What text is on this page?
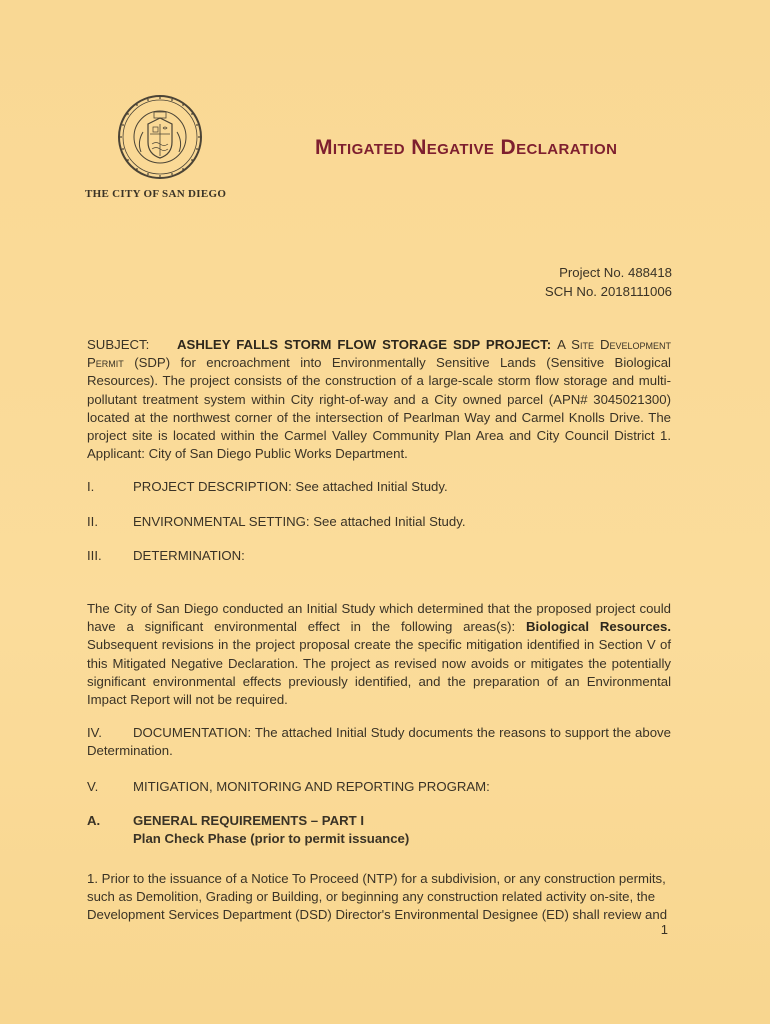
THE CITY OF SAN DIEGO
Mitigated Negative Declaration
Project No. 488418
SCH No. 2018111006
SUBJECT: ASHLEY FALLS STORM FLOW STORAGE SDP PROJECT: A Site Development Permit (SDP) for encroachment into Environmentally Sensitive Lands (Sensitive Biological Resources). The project consists of the construction of a large-scale storm flow storage and multi-pollutant treatment system within City right-of-way and a City owned parcel (APN# 3045021300) located at the northwest corner of the intersection of Pearlman Way and Carmel Knolls Drive. The project site is located within the Carmel Valley Community Plan Area and City Council District 1. Applicant: City of San Diego Public Works Department.
I.	PROJECT DESCRIPTION: See attached Initial Study.
II.	ENVIRONMENTAL SETTING: See attached Initial Study.
III. DETERMINATION:
The City of San Diego conducted an Initial Study which determined that the proposed project could have a significant environmental effect in the following areas(s): Biological Resources. Subsequent revisions in the project proposal create the specific mitigation identified in Section V of this Mitigated Negative Declaration. The project as revised now avoids or mitigates the potentially significant environmental effects previously identified, and the preparation of an Environmental Impact Report will not be required.
IV. DOCUMENTATION: The attached Initial Study documents the reasons to support the above Determination.
V.	MITIGATION, MONITORING AND REPORTING PROGRAM:
A. GENERAL REQUIREMENTS – PART I
Plan Check Phase (prior to permit issuance)
1. Prior to the issuance of a Notice To Proceed (NTP) for a subdivision, or any construction permits, such as Demolition, Grading or Building, or beginning any construction related activity on-site, the Development Services Department (DSD) Director's Environmental Designee (ED) shall review and
1
